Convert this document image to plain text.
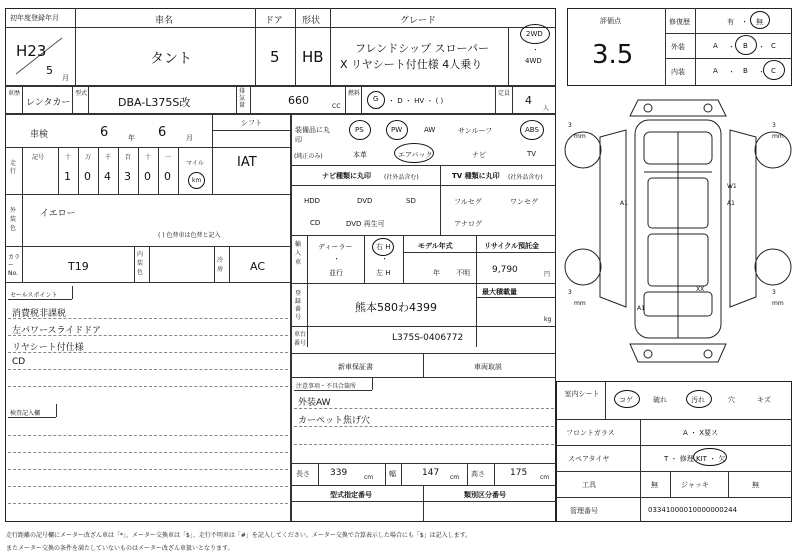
初年度登録年月	車名	ドア 形状	グレード
H23
5
月
タント	5 HB	フレンドシップ スローパー
X リヤシート付仕様 4人乗り
2WD
・
4WD
車歴
レンタカー
型式
DBA-L375S改
排気量	660	CC
燃料
G ・ D ・ HV ・ ( )
定員
4
人
車検	6	年 6	月
シフト
IAT
走行
記号	十 万 千 百 十 一
1 0 4 3 0 0
マイル
km
外装色
イエロー
( ) 色替車は色替と記入
カラーNo.
T19
内装色
冷房	AC
セールスポイント
消費税非課税
左パワースライドドア
リヤシート付仕様
CD
検査記入欄
装備品に丸印
(純正のみ)
PS	PW	AW	サンルーフ	ABS
本革	エアバック	ナビ	TV
ナビ種類に丸印 (社外品含む)	TV 種類に丸印 (社外品含む)
HDD	DVD	SD
CD	DVD 再生可
フルセグ	ワンセグ
アナログ
輸入車
ディーラー
・
並行
右 H
・
左 H
モデル年式
年 不明
リサイクル預託金
9,790	円
登録番号
熊本580わ4399
最大積載量
kg
車台番号
L375S-0406772
新車保証書	車両取説
注意事項・不具合箇所
外装AW
カーペット焦げ穴
長さ 339	cm 幅	147 cm 高さ	175 cm
型式指定番号	類別区分番号
評価点
3.5
修復歴	有 ・ 無
外装	A ・ B ・ C
内装	A ・ B ・ C
A1
W1
A1
A1
XX
3
mm
3
mm
3
mm
3
mm
室内シート
コゲ	破れ	汚れ	穴	キズ
フロントガラス	A ・ X要ス
スペアタイヤ	T ・ 修理 KIT ・ 欠
工具	無	ジャッキ	無
管理番号	03341000010000000244
走行距離の記号欄にメーター改ざん車は「*」、メーター交換車は「$」、走行不明車は「#」を記入してください。メーター交換で合算表示した場合にも「$」は記入します。
またメーター交換の条件を満たしていないものはメーター改ざん車扱いとなります。
